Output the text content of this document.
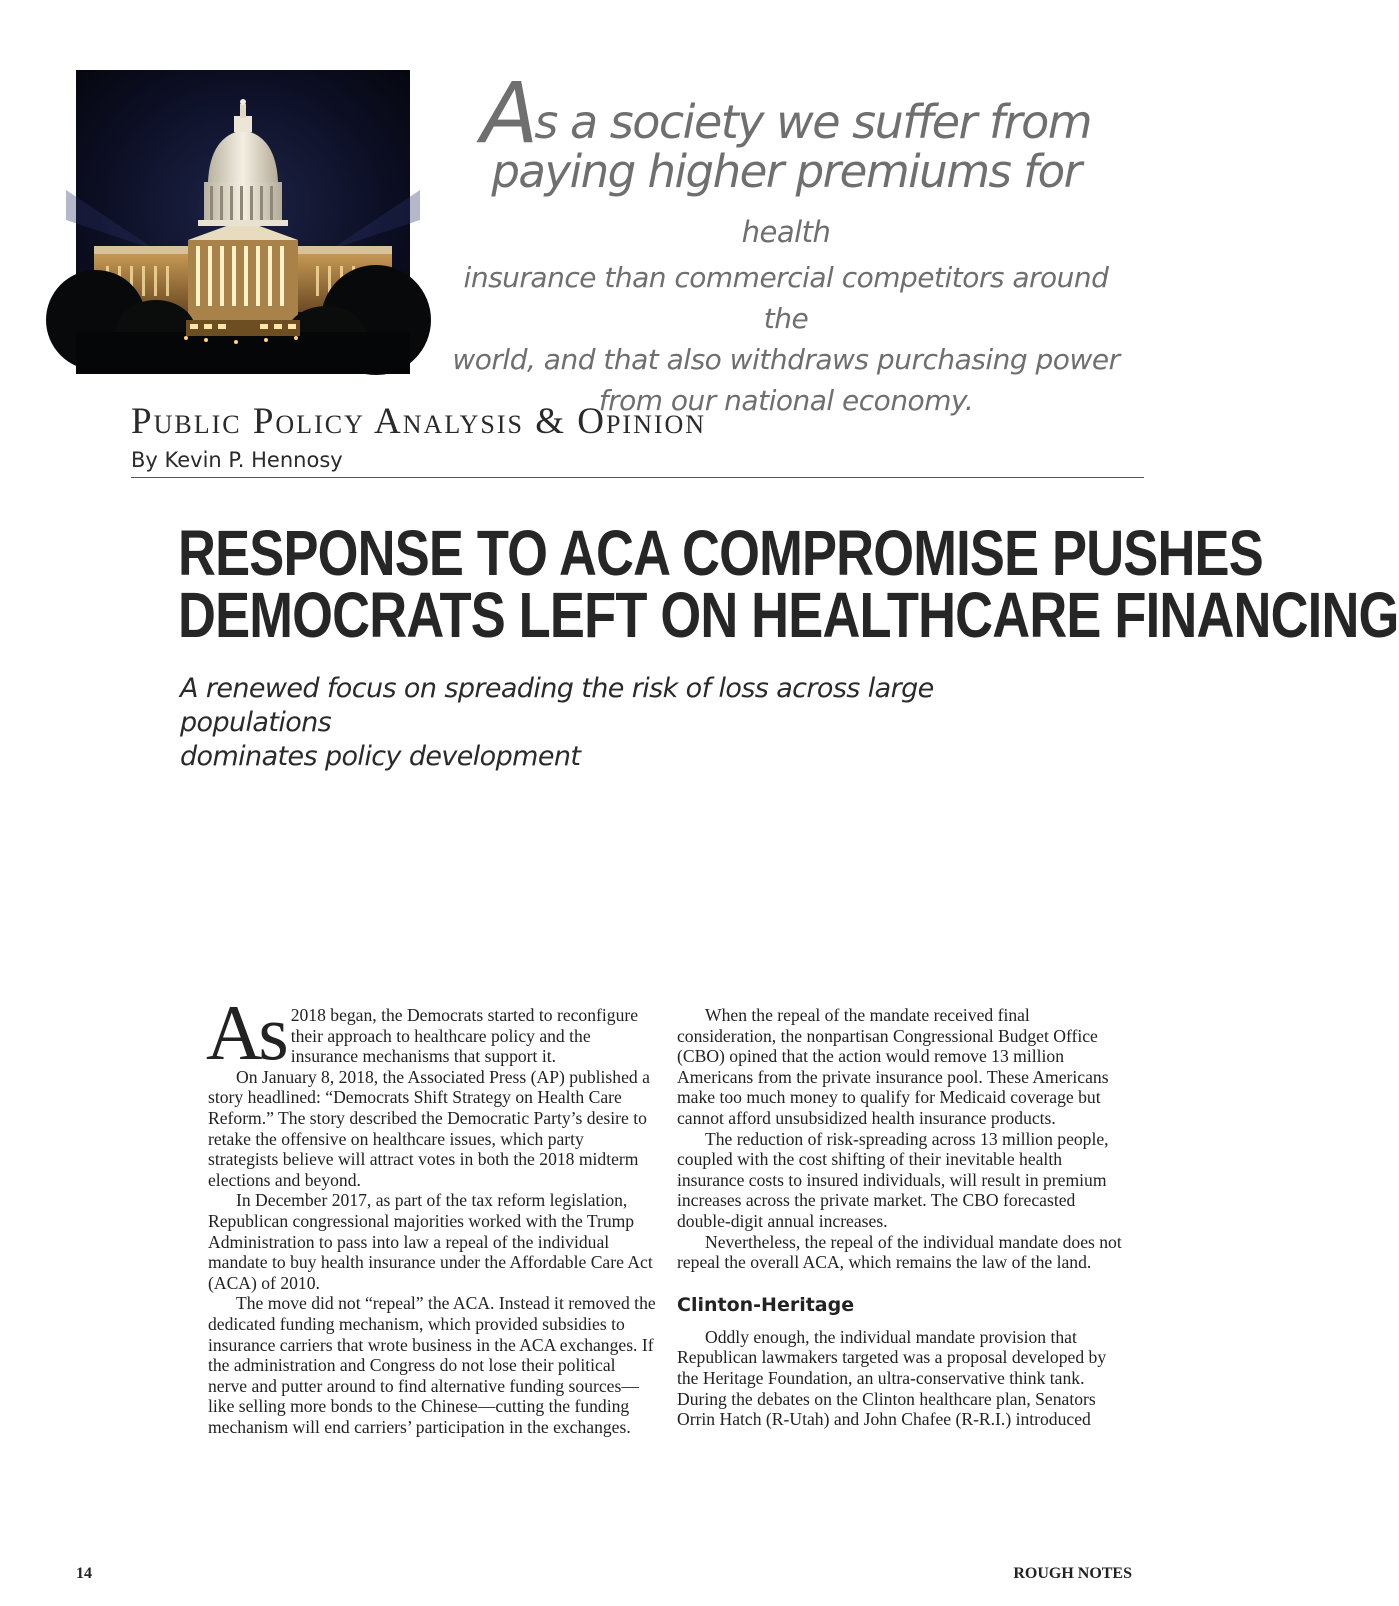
As a society we suffer from
paying higher premiums for health
insurance than commercial competitors around the
world, and that also withdraws purchasing power
from our national economy.
Public Policy Analysis & Opinion
By Kevin P. Hennosy
RESPONSE TO ACA COMPROMISE PUSHES
DEMOCRATS LEFT ON HEALTHCARE FINANCING

A renewed focus on spreading the risk of loss across large populations
dominates policy development

As 2018 began, the Democrats started to reconfigure their approach to healthcare policy and the insurance mechanisms that support it.

On January 8, 2018, the Associated Press (AP) published a story headlined: “Democrats Shift Strategy on Health Care Reform.” The story described the Democratic Party’s desire to retake the offensive on healthcare issues, which party strategists believe will attract votes in both the 2018 midterm elections and beyond.

In December 2017, as part of the tax reform legislation, Republican congressional majorities worked with the Trump Administration to pass into law a repeal of the individual mandate to buy health insurance under the Affordable Care Act (ACA) of 2010.

The move did not “repeal” the ACA. Instead it removed the dedicated funding mechanism, which provided subsidies to insurance carriers that wrote business in the ACA exchanges. If the administration and Congress do not lose their political nerve and putter around to find alternative funding sources—like selling more bonds to the Chinese—cutting the funding mechanism will end carriers’ participation in the exchanges.

When the repeal of the mandate received final consideration, the nonpartisan Congressional Budget Office (CBO) opined that the action would remove 13 million Americans from the private insurance pool. These Americans make too much money to qualify for Medicaid coverage but cannot afford unsubsidized health insurance products.

The reduction of risk-spreading across 13 million people, coupled with the cost shifting of their inevitable health insurance costs to insured individuals, will result in premium increases across the private market. The CBO forecasted double-digit annual increases.

Nevertheless, the repeal of the individual mandate does not repeal the overall ACA, which remains the law of the land.

Clinton-Heritage

Oddly enough, the individual mandate provision that Republican lawmakers targeted was a proposal developed by the Heritage Foundation, an ultra-conservative think tank. During the debates on the Clinton healthcare plan, Senators Orrin Hatch (R-Utah) and John Chafee (R-R.I.) introduced

14	ROUGH NOTES
